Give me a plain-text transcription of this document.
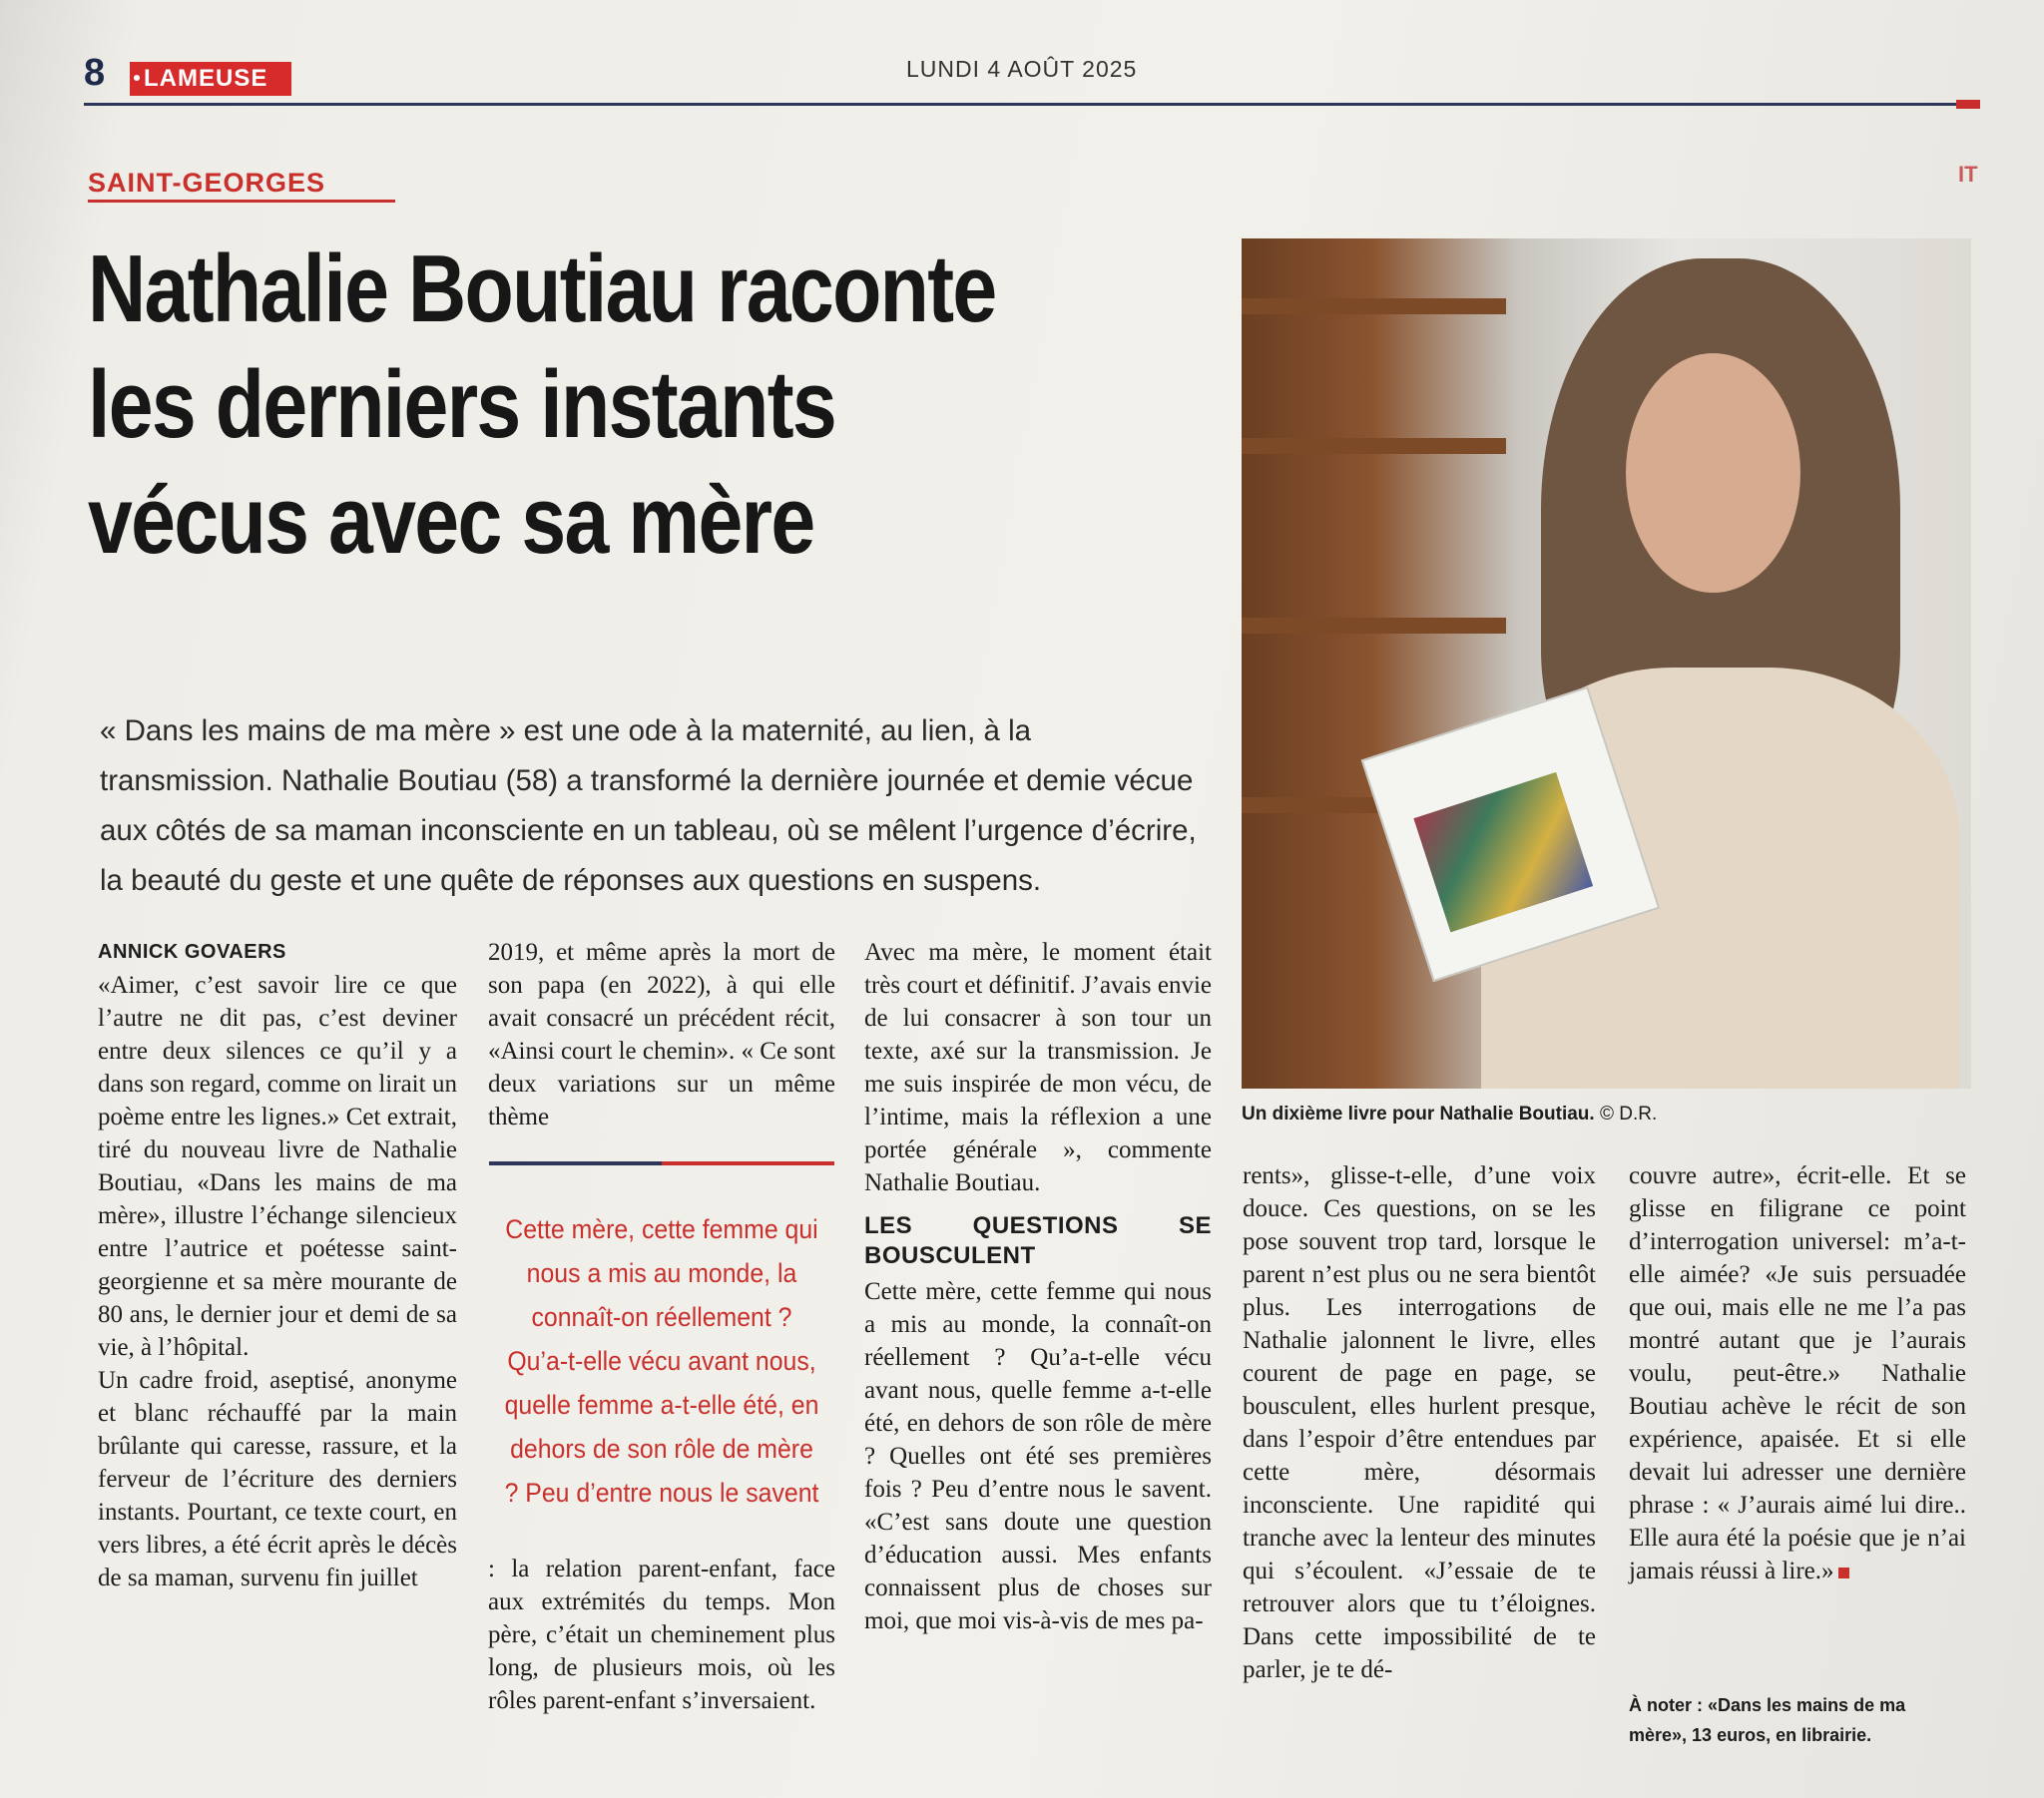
8	LAMEUSE	LUNDI 4 AOÛT 2025
IT
SAINT-GEORGES
Nathalie Boutiau raconte les derniers instants vécus avec sa mère

« Dans les mains de ma mère » est une ode à la maternité, au lien, à la transmission. Nathalie Boutiau (58) a transformé la dernière journée et demie vécue aux côtés de sa maman inconsciente en un tableau, où se mêlent l’urgence d’écrire, la beauté du geste et une quête de réponses aux questions en suspens.

Un dixième livre pour Nathalie Boutiau. © D.R.

ANNICK GOVAERS

«Aimer, c’est savoir lire ce que l’autre ne dit pas, c’est deviner entre deux silences ce qu’il y a dans son regard, comme on lirait un poème entre les lignes.» Cet extrait, tiré du nouveau livre de Nathalie Boutiau, «Dans les mains de ma mère», illustre l’échange silencieux entre l’autrice et poétesse saint-georgienne et sa mère mourante de 80 ans, le dernier jour et demi de sa vie, à l’hôpital.

Un cadre froid, aseptisé, anonyme et blanc réchauffé par la main brûlante qui caresse, rassure, et la ferveur de l’écriture des derniers instants. Pourtant, ce texte court, en vers libres, a été écrit après le décès de sa maman, survenu fin juillet

2019, et même après la mort de son papa (en 2022), à qui elle avait consacré un précédent récit, «Ainsi court le chemin». « Ce sont deux variations sur un même thème

Cette mère, cette femme qui nous a mis au monde, la connaît-on réellement ? Qu’a-t-elle vécu avant nous, quelle femme a-t-elle été, en dehors de son rôle de mère ? Peu d’entre nous le savent

: la relation parent-enfant, face aux extrémités du temps. Mon père, c’était un cheminement plus long, de plusieurs mois, où les rôles parent-enfant s’inversaient.

Avec ma mère, le moment était très court et définitif. J’avais envie de lui consacrer à son tour un texte, axé sur la transmission. Je me suis inspirée de mon vécu, de l’intime, mais la réflexion a une portée générale », commente Nathalie Boutiau.

LES QUESTIONS SE BOUSCULENT

Cette mère, cette femme qui nous a mis au monde, la connaît-on réellement ? Qu’a-t-elle vécu avant nous, quelle femme a-t-elle été, en dehors de son rôle de mère ? Quelles ont été ses premières fois ? Peu d’entre nous le savent. «C’est sans doute une question d’éducation aussi. Mes enfants connaissent plus de choses sur moi, que moi vis-à-vis de mes pa-

rents», glisse-t-elle, d’une voix douce. Ces questions, on se les pose souvent trop tard, lorsque le parent n’est plus ou ne sera bientôt plus. Les interrogations de Nathalie jalonnent le livre, elles courent de page en page, se bousculent, elles hurlent presque, dans l’espoir d’être entendues par cette mère, désormais inconsciente. Une rapidité qui tranche avec la lenteur des minutes qui s’écoulent. «J’essaie de te retrouver alors que tu t’éloignes. Dans cette impossibilité de te parler, je te dé-

couvre autre», écrit-elle. Et se glisse en filigrane ce point d’interrogation universel: m’a-t-elle aimée? «Je suis persuadée que oui, mais elle ne me l’a pas montré autant que je l’aurais voulu, peut-être.» Nathalie Boutiau achève le récit de son expérience, apaisée. Et si elle devait lui adresser une dernière phrase : « J’aurais aimé lui dire.. Elle aura été la poésie que je n’ai jamais réussi à lire.»

À noter : «Dans les mains de ma mère», 13 euros, en librairie.
